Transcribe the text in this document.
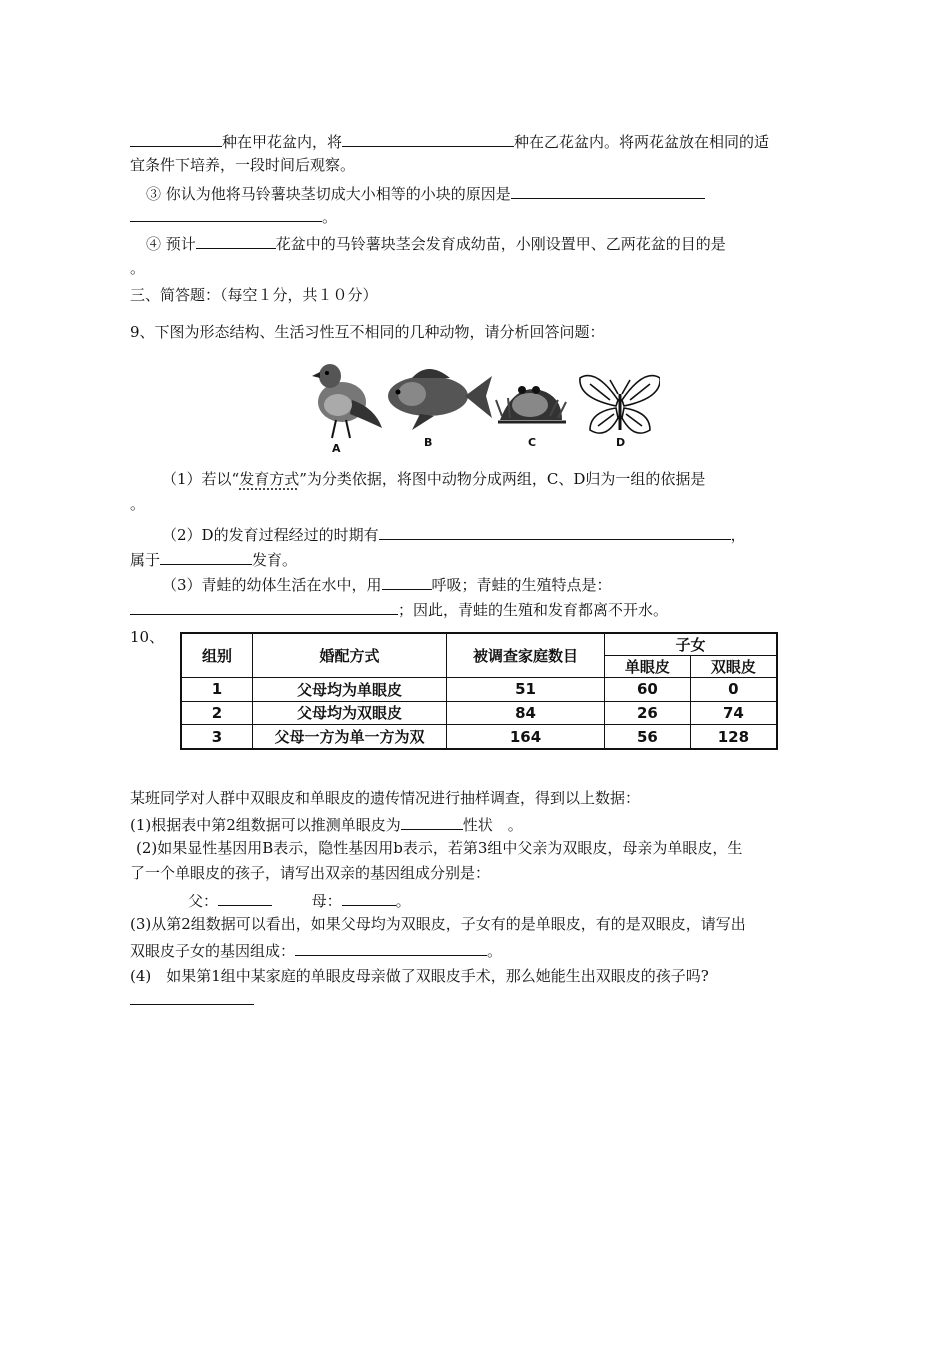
种在甲花盆内，将	种在乙花盆内。将两花盆放在相同的适
宜条件下培养，一段时间后观察。
③ 你认为他将马铃薯块茎切成大小相等的小块的原因是
。
④ 预计	花盆中的马铃薯块茎会发育成幼苗，小刚设置甲、乙两花盆的目的是
。
三、简答题：（每空１分，共１０分）
9、下图为形态结构、生活习性互不相同的几种动物，请分析回答问题：
A	B	C	D
（1）若以“发育方式”为分类依据，将图中动物分成两组，C、D归为一组的依据是
。
（2）D的发育过程经过的时期有	，
属于	发育。
（3）青蛙的幼体生活在水中，用	呼吸；青蛙的生殖特点是：
；因此，青蛙的生殖和发育都离不开水。
10、
组别	婚配方式	被调查家庭数目	子女	
			单眼皮	双眼皮
1	父母均为单眼皮	51	60	0
2	父母均为双眼皮	84	26	74
3	父母一方为单一方为双	164	56	128
某班同学对人群中双眼皮和单眼皮的遗传情况进行抽样调查，得到以上数据：
(1)根据表中第2组数据可以推测单眼皮为	性状　。
(2)如果显性基因用B表示，隐性基因用b表示，若第3组中父亲为双眼皮，母亲为单眼皮，生
了一个单眼皮的孩子，请写出双亲的基因组成分别是：
父：	母：	。
(3)从第2组数据可以看出，如果父母均为双眼皮，子女有的是单眼皮，有的是双眼皮，请写出
双眼皮子女的基因组成：	。
(4)　如果第1组中某家庭的单眼皮母亲做了双眼皮手术，那么她能生出双眼皮的孩子吗?
